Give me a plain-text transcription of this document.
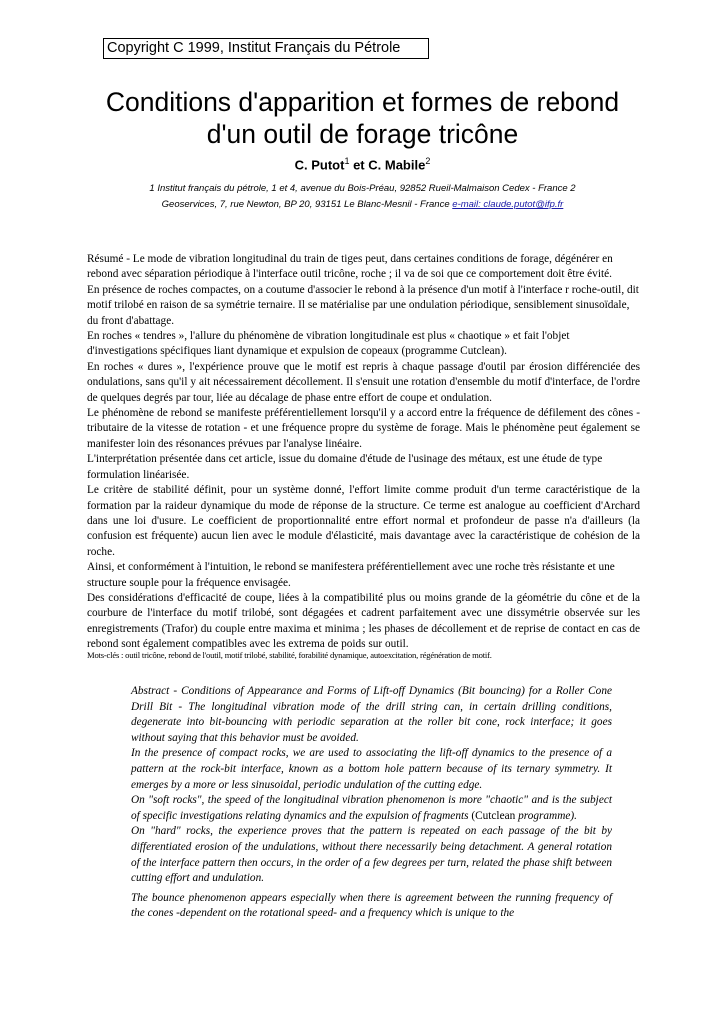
Copyright C 1999, Institut Français du Pétrole
Conditions d'apparition et formes de rebond
d'un outil de forage tricône
C. Putot$^1$ et C. Mabile$^2$
1 Institut français du pétrole, 1 et 4, avenue du Bois-Préau, 92852 Rueil-Malmaison Cedex - France 2
Geoservices, 7, rue Newton, BP 20, 93151 Le Blanc-Mesnil - France e-mail: claude.putot@ifp.fr

Résumé - Le mode de vibration longitudinal du train de tiges peut, dans certaines conditions de forage, dégénérer en rebond avec séparation périodique à l'interface outil tricône, roche ; il va de soi que ce comportement doit être évité.

En présence de roches compactes, on a coutume d'associer le rebond à la présence d'un motif à l'interface r roche-outil, dit motif trilobé en raison de sa symétrie ternaire. Il se matérialise par une ondulation périodique, sensiblement sinusoïdale, du front d'abattage.

En roches « tendres », l'allure du phénomène de vibration longitudinale est plus « chaotique » et fait l'objet d'investigations spécifiques liant dynamique et expulsion de copeaux (programme Cutclean).

En roches « dures », l'expérience prouve que le motif est repris à chaque passage d'outil par érosion différenciée des ondulations, sans qu'il y ait nécessairement décollement. Il s'ensuit une rotation d'ensemble du motif d'interface, de l'ordre de quelques degrés par tour, liée au décalage de phase entre effort de coupe et ondulation.

Le phénomène de rebond se manifeste préférentiellement lorsqu'il y a accord entre la fréquence de défilement des cônes - tributaire de la vitesse de rotation - et une fréquence propre du système de forage. Mais le phénomène peut également se manifester loin des résonances prévues par l'analyse linéaire.

L'interprétation présentée dans cet article, issue du domaine d'étude de l'usinage des métaux, est une étude de type formulation linéarisée.

Le critère de stabilité définit, pour un système donné, l'effort limite comme produit d'un terme caractéristique de la formation par la raideur dynamique du mode de réponse de la structure. Ce terme est analogue au coefficient d'Archard dans une loi d'usure. Le coefficient de proportionnalité entre effort normal et profondeur de passe n'a d'ailleurs (la confusion est fréquente) aucun lien avec le module d'élasticité, mais davantage avec la caractéristique de cohésion de la roche.

Ainsi, et conformément à l'intuition, le rebond se manifestera préférentiellement avec une roche très résistante et une structure souple pour la fréquence envisagée.

Des considérations d'efficacité de coupe, liées à la compatibilité plus ou moins grande de la géométrie du cône et de la courbure de l'interface du motif trilobé, sont dégagées et cadrent parfaitement avec une dissymétrie observée sur les enregistrements (Trafor) du couple entre maxima et minima ; les phases de décollement et de reprise de contact en cas de rebond sont également compatibles avec les extrema de poids sur outil.

Mots-clés : outil tricône, rebond de l'outil, motif trilobé, stabilité, forabilité dynamique, autoexcitation, régénération de motif.

Abstract - Conditions of Appearance and Forms of Lift-off Dynamics (Bit bouncing) for a Roller Cone Drill Bit - The longitudinal vibration mode of the drill string can, in certain drilling conditions, degenerate into bit-bouncing with periodic separation at the roller bit cone, rock interface; it goes without saying that this behavior must be avoided.

In the presence of compact rocks, we are used to associating the lift-off dynamics to the presence of a pattern at the rock-bit interface, known as a bottom hole pattern because of its ternary symmetry. It emerges by a more or less sinusoidal, periodic undulation of the cutting edge.

On "soft rocks", the speed of the longitudinal vibration phenomenon is more "chaotic" and is the subject of specific investigations relating dynamics and the expulsion of fragments (Cutclean programme).

On "hard" rocks, the experience proves that the pattern is repeated on each passage of the bit by differentiated erosion of the undulations, without there necessarily being detachment. A general rotation of the interface pattern then occurs, in the order of a few degrees per turn, related the phase shift between cutting effort and undulation.

The bounce phenomenon appears especially when there is agreement between the running frequency of the cones -dependent on the rotational speed- and a frequency which is unique to the
